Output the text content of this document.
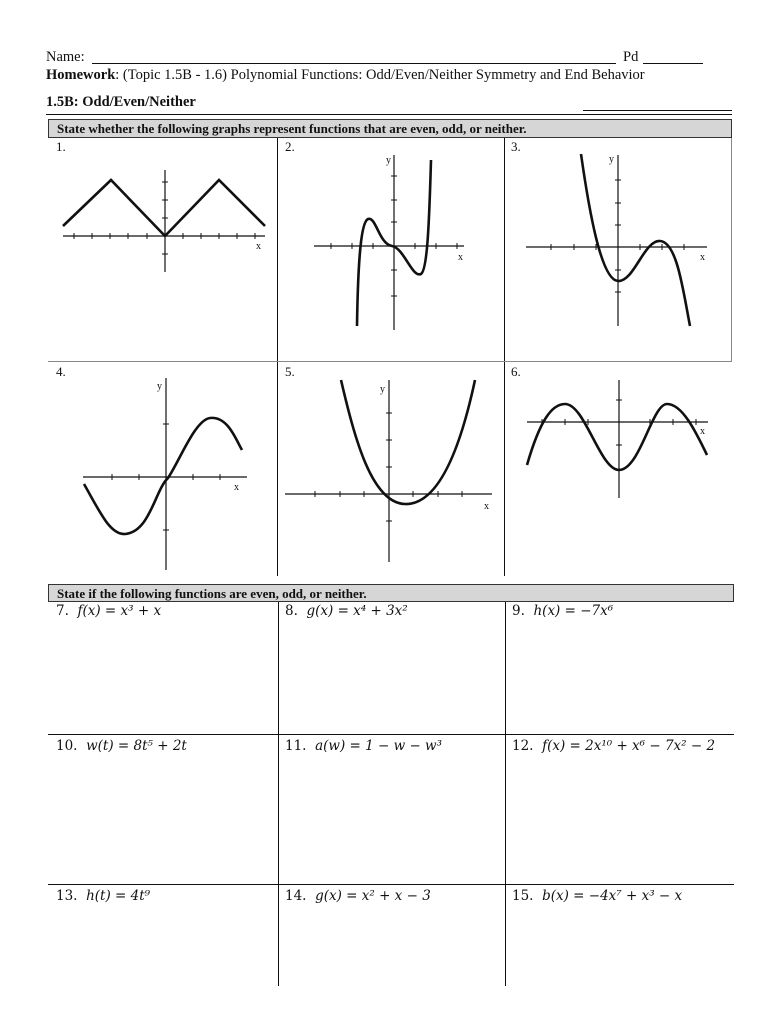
Name:	Pd
Homework: (Topic 1.5B - 1.6) Polynomial Functions: Odd/Even/Neither Symmetry and End Behavior
1.5B: Odd/Even/Neither
State whether the following graphs represent functions that are even, odd, or neither.
1.	2.	3.
4.	5.	6.
x
x
y
x
y
x
y
x
y
x
State if the following functions are even, odd, or neither.
7. f(x) = x³ + x	8. g(x) = x⁴ + 3x²	9. h(x) = −7x⁶
10. w(t) = 8t⁵ + 2t	11. a(w) = 1 − w − w³	12. f(x) = 2x¹⁰ + x⁶ − 7x² − 2
13. h(t) = 4t⁹	14. g(x) = x² + x − 3	15. b(x) = −4x⁷ + x³ − x
